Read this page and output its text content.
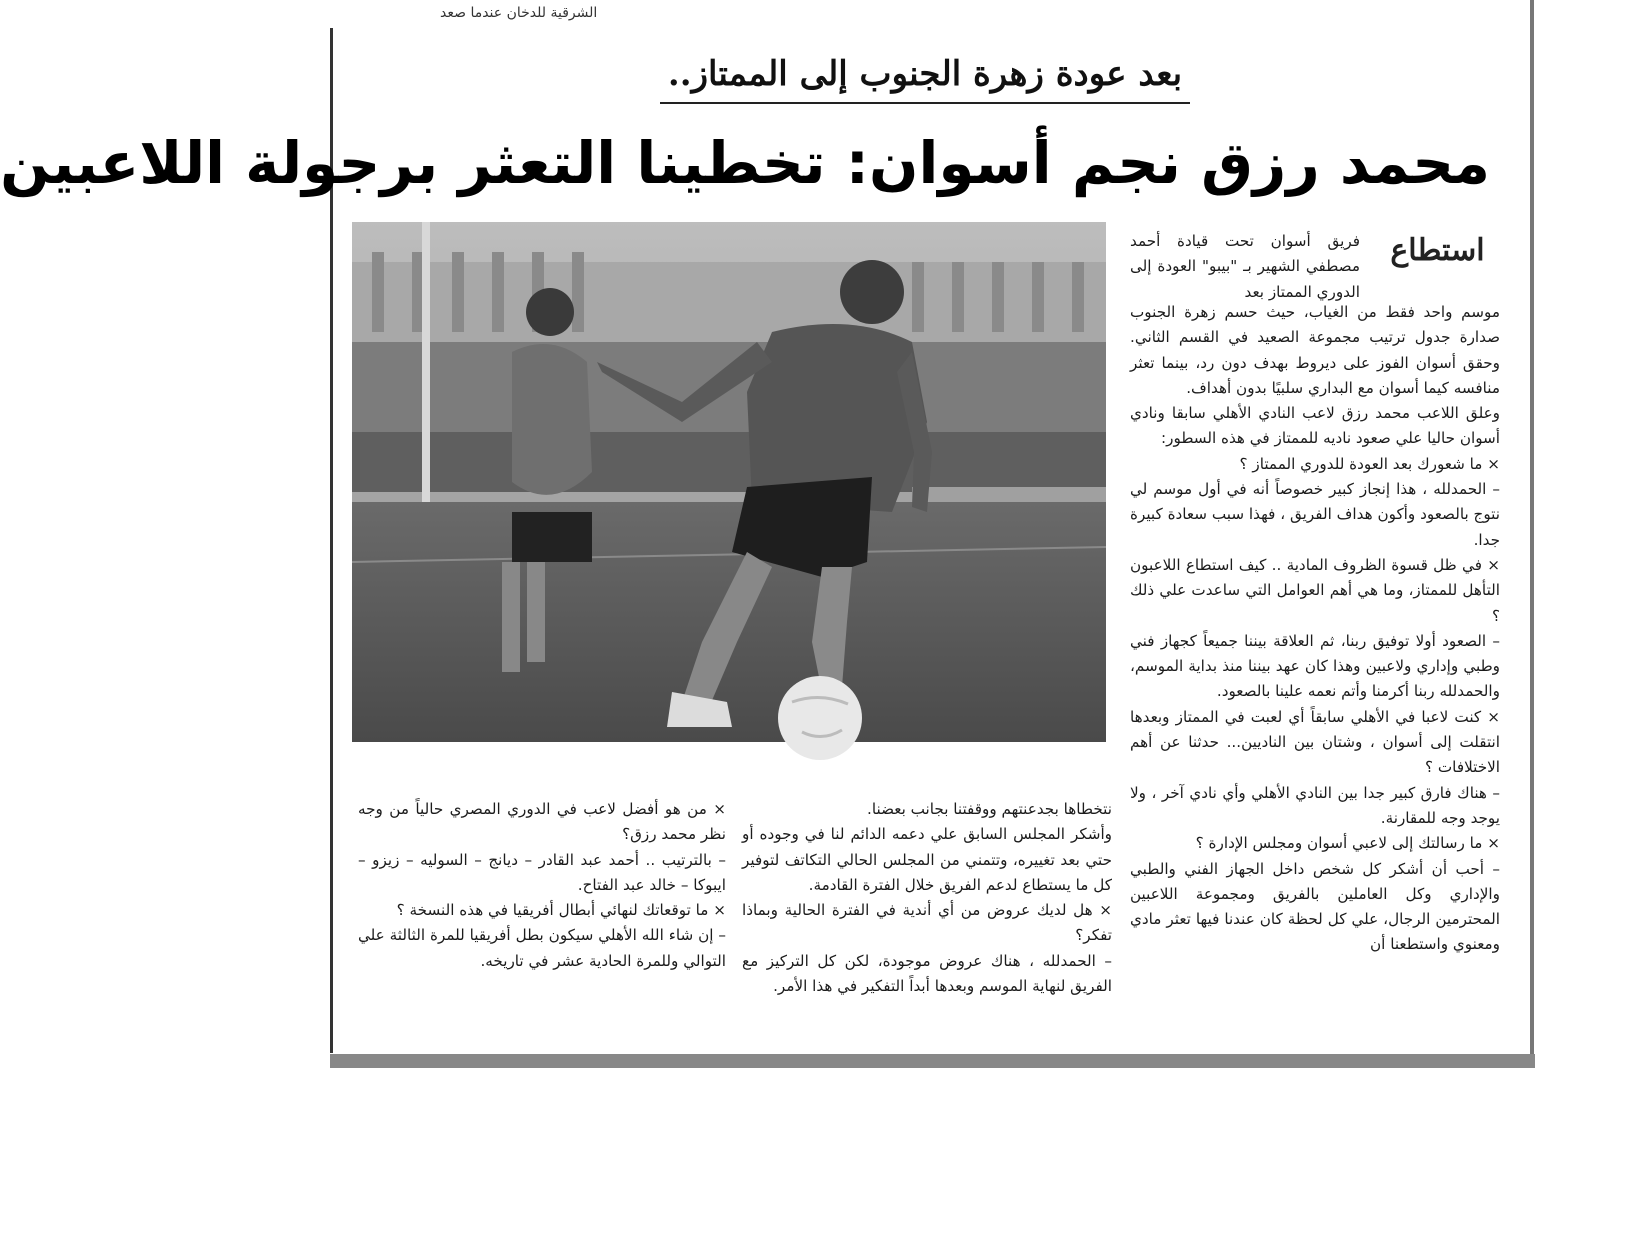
الشرقية للدخان عندما صعد
بعد عودة زهرة الجنوب إلى الممتاز..
محمد رزق نجم أسوان: تخطينا التعثر برجولة اللاعبين
استطاع

فريق أسوان تحت قيادة أحمد مصطفي الشهير بـ "بيبو" العودة إلى الدوري الممتاز بعد

موسم واحد فقط من الغياب، حيث حسم زهرة الجنوب صدارة جدول ترتيب مجموعة الصعيد في القسم الثاني. وحقق أسوان الفوز على ديروط بهدف دون رد، بينما تعثر منافسه كيما أسوان مع البداري سلبيًا بدون أهداف.

وعلق اللاعب محمد رزق لاعب النادي الأهلي سابقا ونادي أسوان حاليا علي صعود ناديه للممتاز في هذه السطور:

× ما شعورك بعد العودة للدوري الممتاز ؟

– الحمدلله ، هذا إنجاز كبير خصوصاً أنه في أول موسم لي نتوج بالصعود وأكون هداف الفريق ، فهذا سبب سعادة كبيرة جدا.

× في ظل قسوة الظروف المادية .. كيف استطاع اللاعبون التأهل للممتاز، وما هي أهم العوامل التي ساعدت علي ذلك ؟

– الصعود أولا توفيق ربنا، ثم العلاقة بيننا جميعاً كجهاز فني وطبي وإداري ولاعبين وهذا كان عهد بيننا منذ بداية الموسم، والحمدلله ربنا أكرمنا وأتم نعمه علينا بالصعود.

× كنت لاعبا في الأهلي سابقاً أي لعبت في الممتاز وبعدها انتقلت إلى أسوان ، وشتان بين الناديين... حدثنا عن أهم الاختلافات ؟

– هناك فارق كبير جدا بين النادي الأهلي وأي نادي آخر ، ولا يوجد وجه للمقارنة.

× ما رسالتك إلى لاعبي أسوان ومجلس الإدارة ؟

– أحب أن أشكر كل شخص داخل الجهاز الفني والطبي والإداري وكل العاملين بالفريق ومجموعة اللاعبين المحترمين الرجال، علي كل لحظة كان عندنا فيها تعثر مادي ومعنوي واستطعنا أن

نتخطاها بجدعنتهم ووقفتنا بجانب بعضنا.

وأشكر المجلس السابق علي دعمه الدائم لنا في وجوده أو حتي بعد تغييره، وتتمني من المجلس الحالي التكاتف لتوفير كل ما يستطاع لدعم الفريق خلال الفترة القادمة.

× هل لديك عروض من أي أندية في الفترة الحالية وبماذا تفكر؟

– الحمدلله ، هناك عروض موجودة، لكن كل التركيز مع الفريق لنهاية الموسم وبعدها أبداً التفكير في هذا الأمر.

× من هو أفضل لاعب في الدوري المصري حالياً من وجه نظر محمد رزق؟

– بالترتيب .. أحمد عبد القادر – ديانج – السوليه – زيزو – ايبوكا – خالد عبد الفتاح.

× ما توقعاتك لنهائي أبطال أفريقيا في هذه النسخة ؟

– إن شاء الله الأهلي سيكون بطل أفريقيا للمرة الثالثة علي التوالي وللمرة الحادية عشر في تاريخه.
